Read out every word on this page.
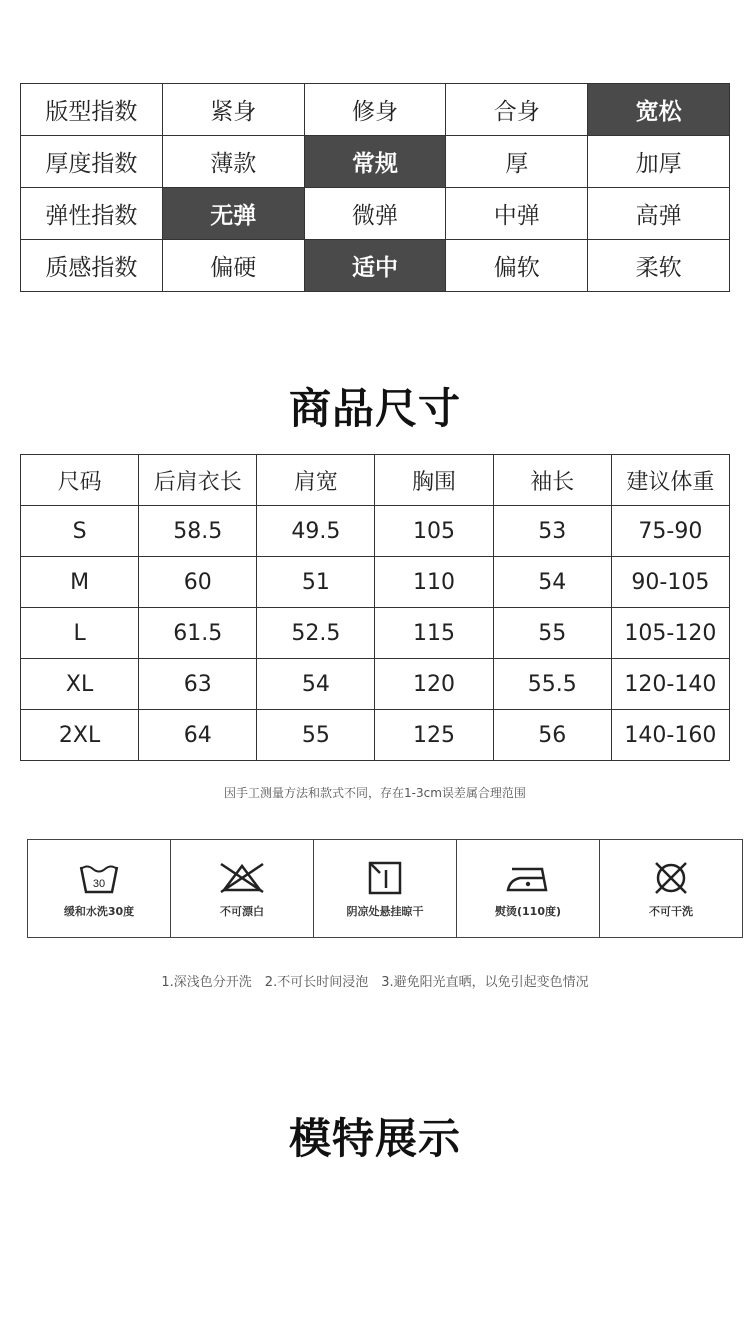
版型指数	紧身	修身	合身	宽松
厚度指数	薄款	常规	厚	加厚
弹性指数	无弹	微弹	中弹	高弹
质感指数	偏硬	适中	偏软	柔软
商品尺寸
尺码	后肩衣长	肩宽	胸围	袖长	建议体重
S	58.5	49.5	105	53	75-90
M	60	51	110	54	90-105
L	61.5	52.5	115	55	105-120
XL	63	54	120	55.5	120-140
2XL	64	55	125	56	140-160
因手工测量方法和款式不同，存在1-3cm误差属合理范围
30
缓和水洗30度	不可漂白	阴凉处悬挂晾干	熨烫(110度)	不可干洗
1.深浅色分开洗　2.不可长时间浸泡　3.避免阳光直晒，以免引起变色情况
模特展示
